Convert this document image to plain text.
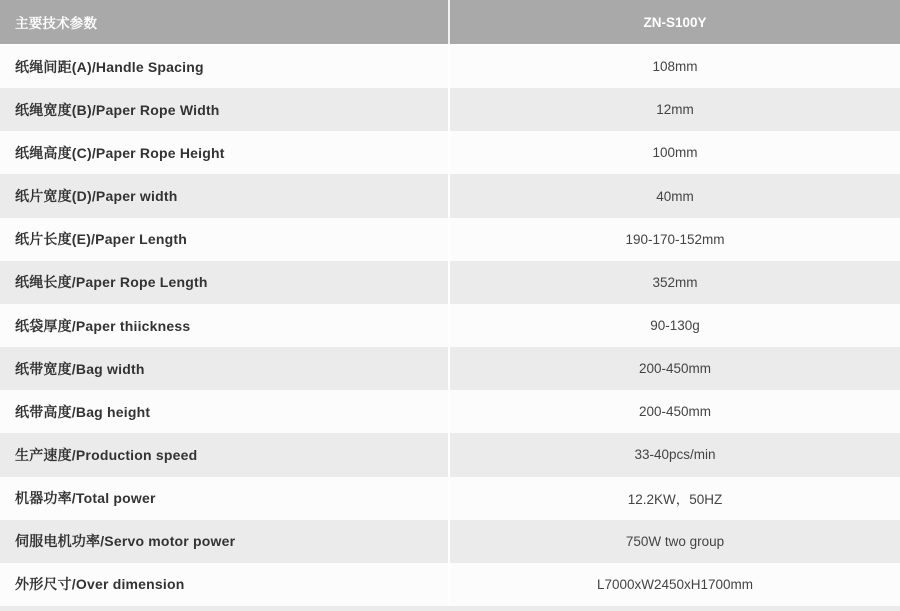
主要技术参数	ZN-S100Y
纸绳间距(A)/Handle Spacing	108mm
纸绳宽度(B)/Paper Rope Width	12mm
纸绳高度(C)/Paper Rope Height	100mm
纸片宽度(D)/Paper width	40mm
纸片长度(E)/Paper Length	190-170-152mm
纸绳长度/Paper Rope Length	352mm
纸袋厚度/Paper thiickness	90-130g
纸带宽度/Bag width	200-450mm
纸带高度/Bag height	200-450mm
生产速度/Production speed	33-40pcs/min
机器功率/Total power	12.2KW，50HZ
伺服电机功率/Servo motor power	750W two group
外形尺寸/Over dimension	L7000xW2450xH1700mm
